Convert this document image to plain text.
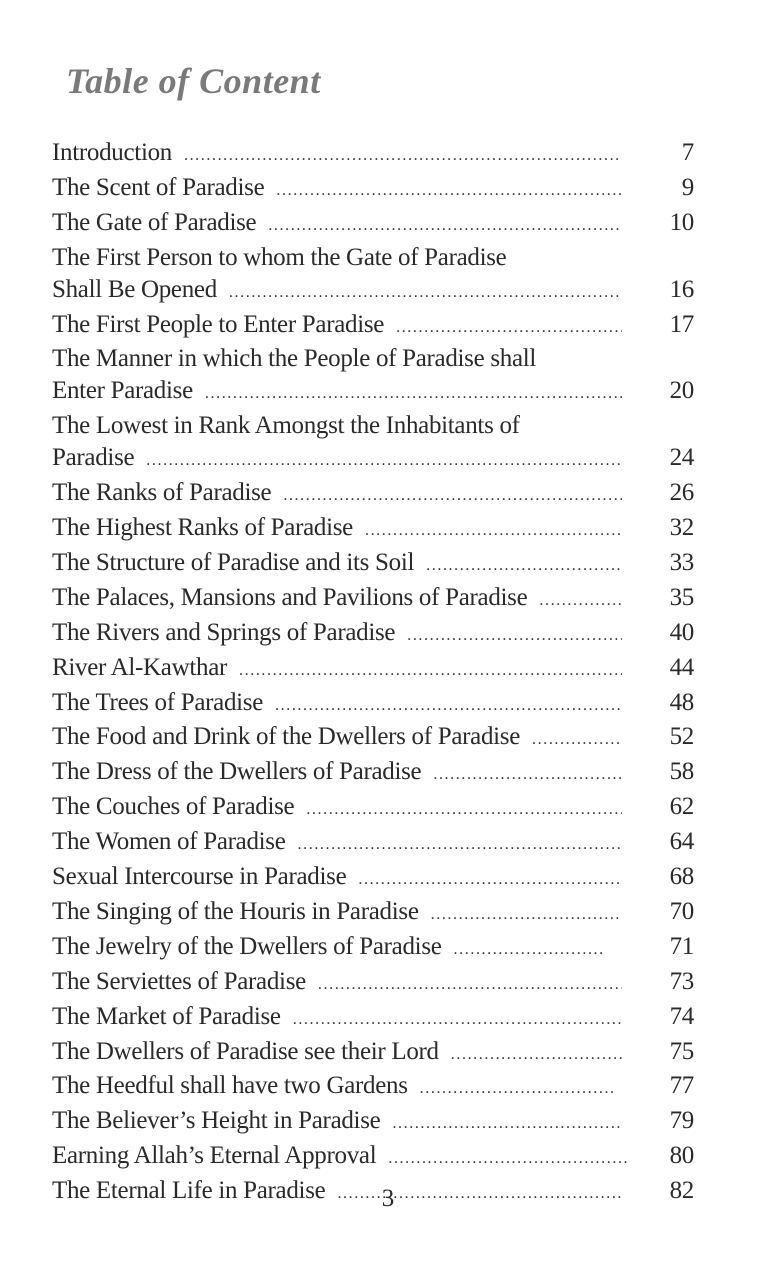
Table of Content
Introduction .....	7
The Scent of Paradise .....	9
The Gate of Paradise .....	10
The First Person to whom the Gate of Paradise
Shall Be Opened .....	16
The First People to Enter Paradise .....	17
The Manner in which the People of Paradise shall
Enter Paradise .....	20
The Lowest in Rank Amongst the Inhabitants of
Paradise .....	24
The Ranks of Paradise .....	26
The Highest Ranks of Paradise .....	32
The Structure of Paradise and its Soil .....	33
The Palaces, Mansions and Pavilions of Paradise .....	35
The Rivers and Springs of Paradise .....	40
River Al-Kawthar .....	44
The Trees of Paradise .....	48
The Food and Drink of the Dwellers of Paradise .....	52
The Dress of the Dwellers of Paradise .....	58
The Couches of Paradise .....	62
The Women of Paradise .....	64
Sexual Intercourse in Paradise .....	68
The Singing of the Houris in Paradise .....	70
The Jewelry of the Dwellers of Paradise .....	71
The Serviettes of Paradise .....	73
The Market of Paradise .....	74
The Dwellers of Paradise see their Lord .....	75
The Heedful shall have two Gardens .....	77
The Believer’s Height in Paradise .....	79
Earning Allah’s Eternal Approval .....	80
The Eternal Life in Paradise .....	82
3
